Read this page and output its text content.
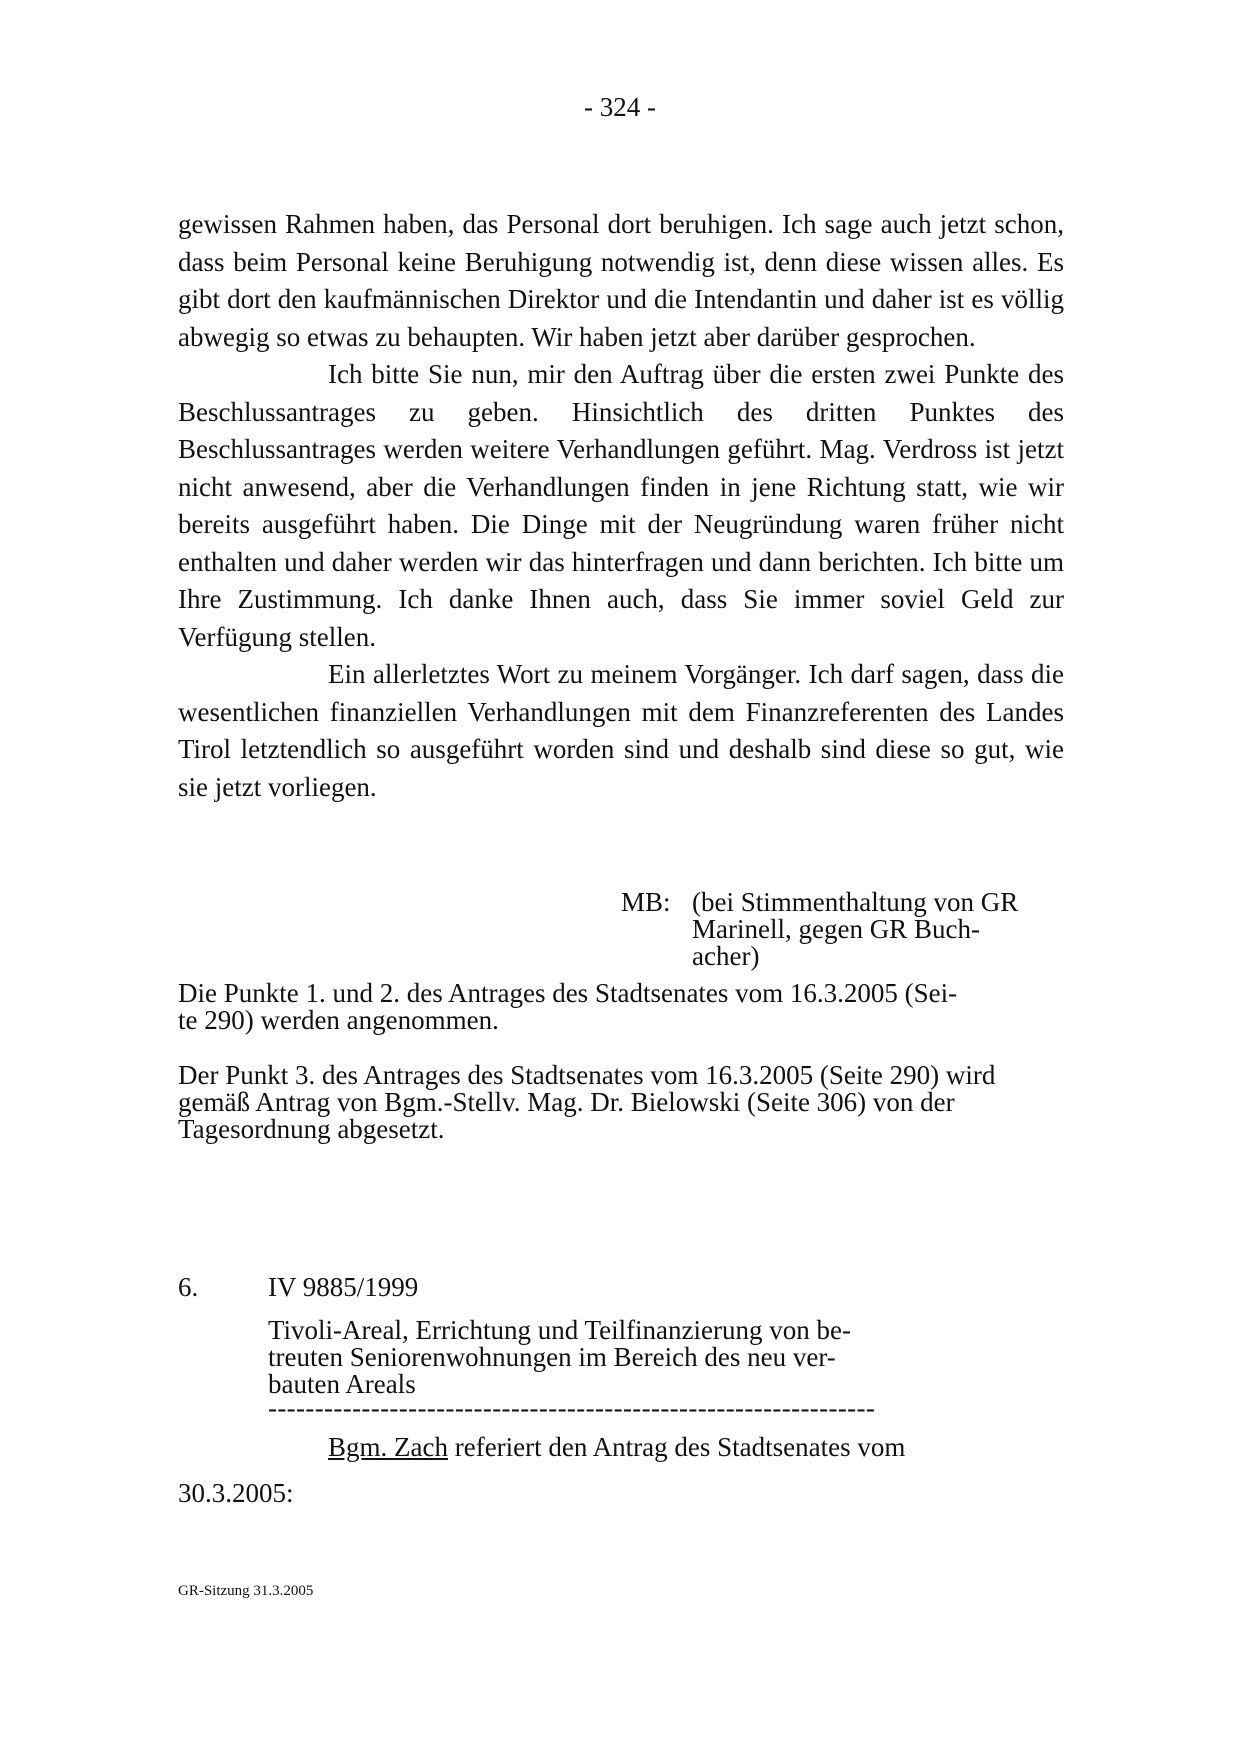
- 324 -

gewissen Rahmen haben, das Personal dort beruhigen. Ich sage auch jetzt schon, dass beim Personal keine Beruhigung notwendig ist, denn diese wissen alles. Es gibt dort den kaufmännischen Direktor und die Intendantin und daher ist es völlig abwegig so etwas zu behaupten. Wir haben jetzt aber darüber gesprochen.

Ich bitte Sie nun, mir den Auftrag über die ersten zwei Punkte des Beschlussantrages zu geben. Hinsichtlich des dritten Punktes des Beschlussantrages werden weitere Verhandlungen geführt. Mag. Verdross ist jetzt nicht anwesend, aber die Verhandlungen finden in jene Richtung statt, wie wir bereits ausgeführt haben. Die Dinge mit der Neugründung waren früher nicht enthalten und daher werden wir das hinterfragen und dann berichten. Ich bitte um Ihre Zustimmung. Ich danke Ihnen auch, dass Sie immer soviel Geld zur Verfügung stellen.

Ein allerletztes Wort zu meinem Vorgänger. Ich darf sagen, dass die wesentlichen finanziellen Verhandlungen mit dem Finanzreferenten des Landes Tirol letztendlich so ausgeführt worden sind und deshalb sind diese so gut, wie sie jetzt vorliegen.

MB: (bei Stimmenthaltung von GR
Marinell, gegen GR Buch-
acher)
Die Punkte 1. und 2. des Antrages des Stadtsenates vom 16.3.2005 (Sei-
te 290) werden angenommen.
Der Punkt 3. des Antrages des Stadtsenates vom 16.3.2005 (Seite 290) wird
gemäß Antrag von Bgm.-Stellv. Mag. Dr. Bielowski (Seite 306) von der
Tagesordnung abgesetzt.
6.	IV 9885/1999
Tivoli-Areal, Errichtung und Teilfinanzierung von be-
treuten Seniorenwohnungen im Bereich des neu ver-
bauten Areals
-----------------------------------------------------------------
Bgm. Zach referiert den Antrag des Stadtsenates vom
30.3.2005:
GR-Sitzung 31.3.2005
